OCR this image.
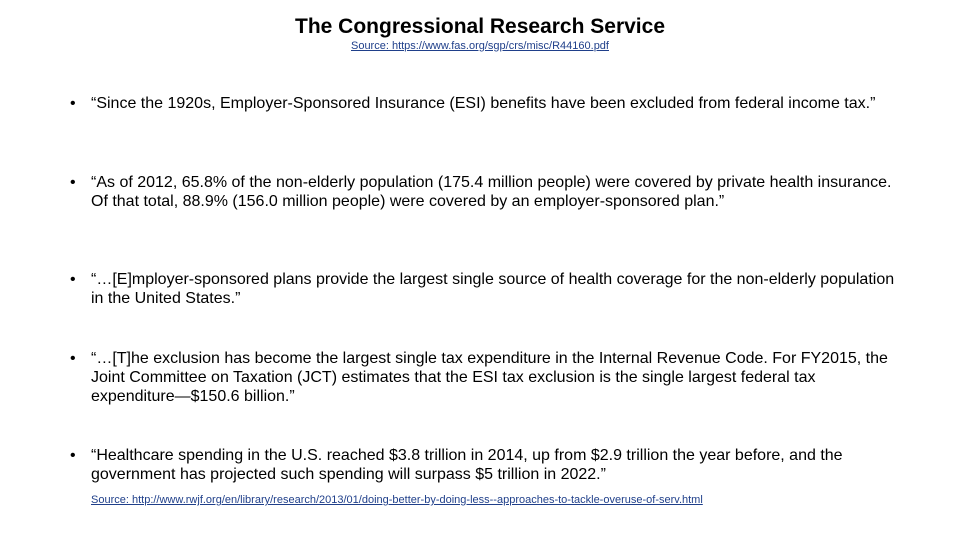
The Congressional Research Service
Source: https://www.fas.org/sgp/crs/misc/R44160.pdf
• “Since the 1920s, Employer-Sponsored Insurance (ESI) benefits have been excluded from federal income tax.”
• “As of 2012, 65.8% of the non-elderly population (175.4 million people) were covered by private health insurance. Of that total, 88.9% (156.0 million people) were covered by an employer-sponsored plan.”
• “…[E]mployer-sponsored plans provide the largest single source of health coverage for the non-elderly population in the United States.”
• “…[T]he exclusion has become the largest single tax expenditure in the Internal Revenue Code. For FY2015, the Joint Committee on Taxation (JCT) estimates that the ESI tax exclusion is the single largest federal tax expenditure—$150.6 billion.”
• “Healthcare spending in the U.S. reached $3.8 trillion in 2014, up from $2.9 trillion the year before, and the government has projected such spending will surpass $5 trillion in 2022.”
Source: http://www.rwjf.org/en/library/research/2013/01/doing-better-by-doing-less--approaches-to-tackle-overuse-of-serv.html
